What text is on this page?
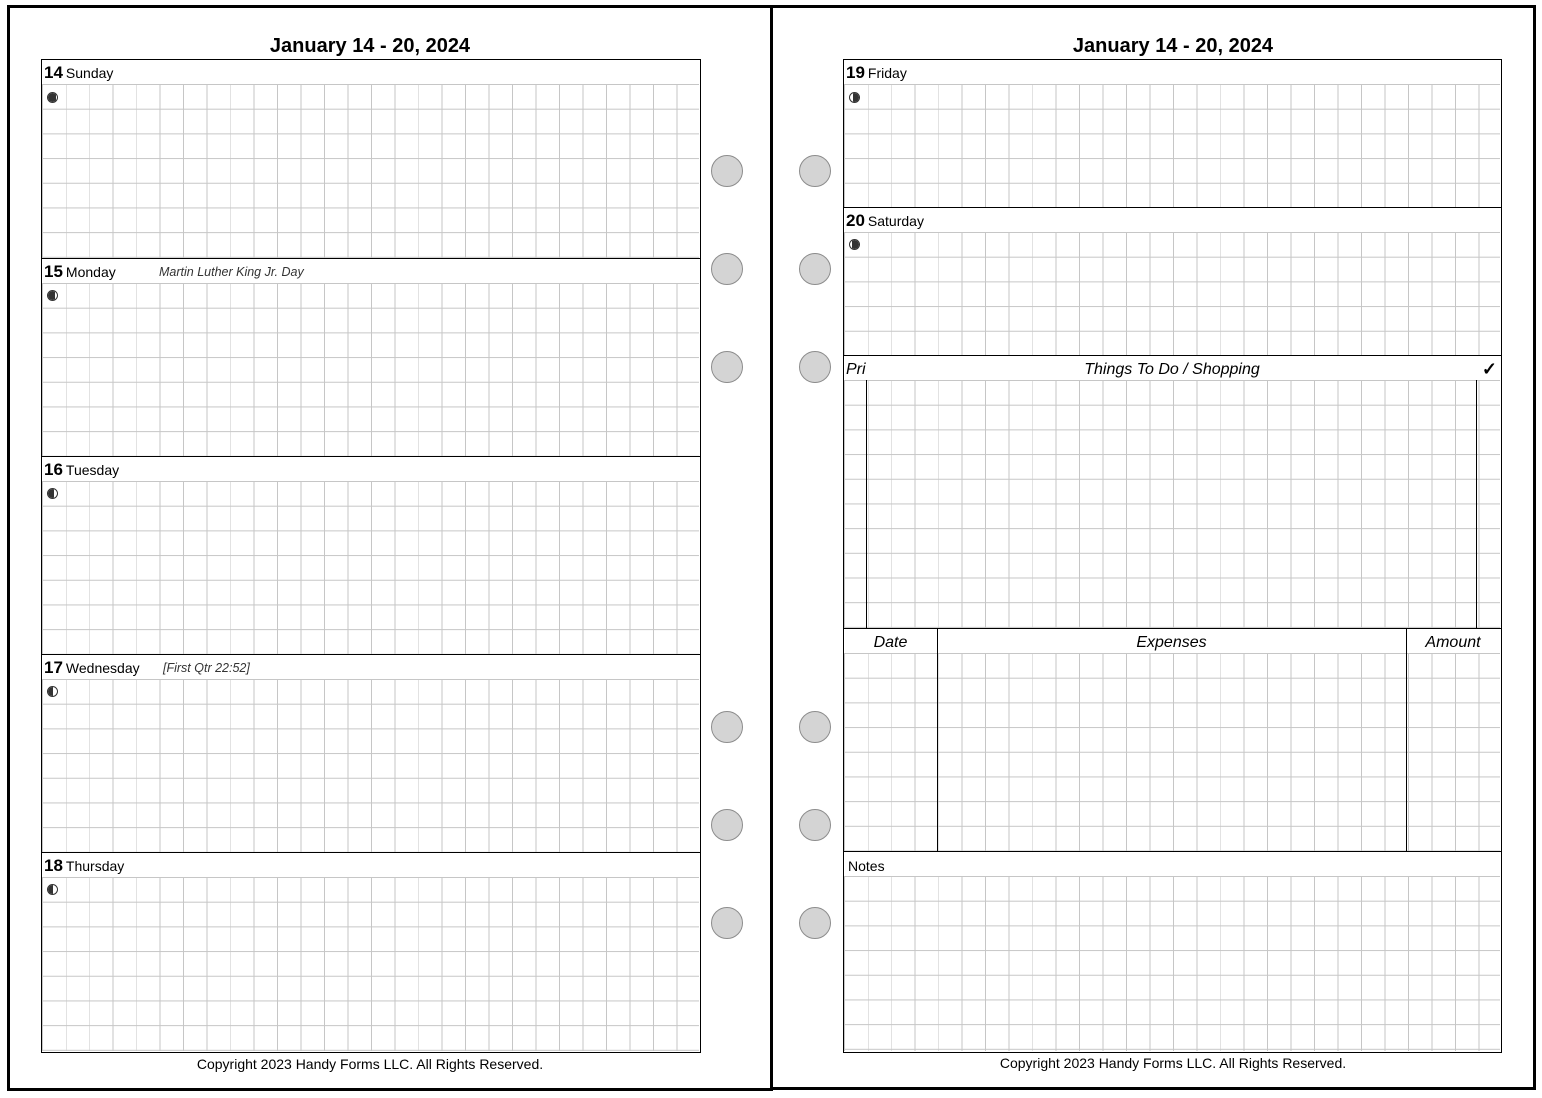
January 14 - 20, 2024
14 Sunday
15 Monday	Martin Luther King Jr. Day
16 Tuesday
17 Wednesday [First Qtr 22:52]
18 Thursday
Copyright 2023 Handy Forms LLC. All Rights Reserved.
January 14 - 20, 2024
19 Friday
20 Saturday
Pri	Things To Do / Shopping	✓
Date	Expenses	Amount
Notes
Copyright 2023 Handy Forms LLC. All Rights Reserved.
